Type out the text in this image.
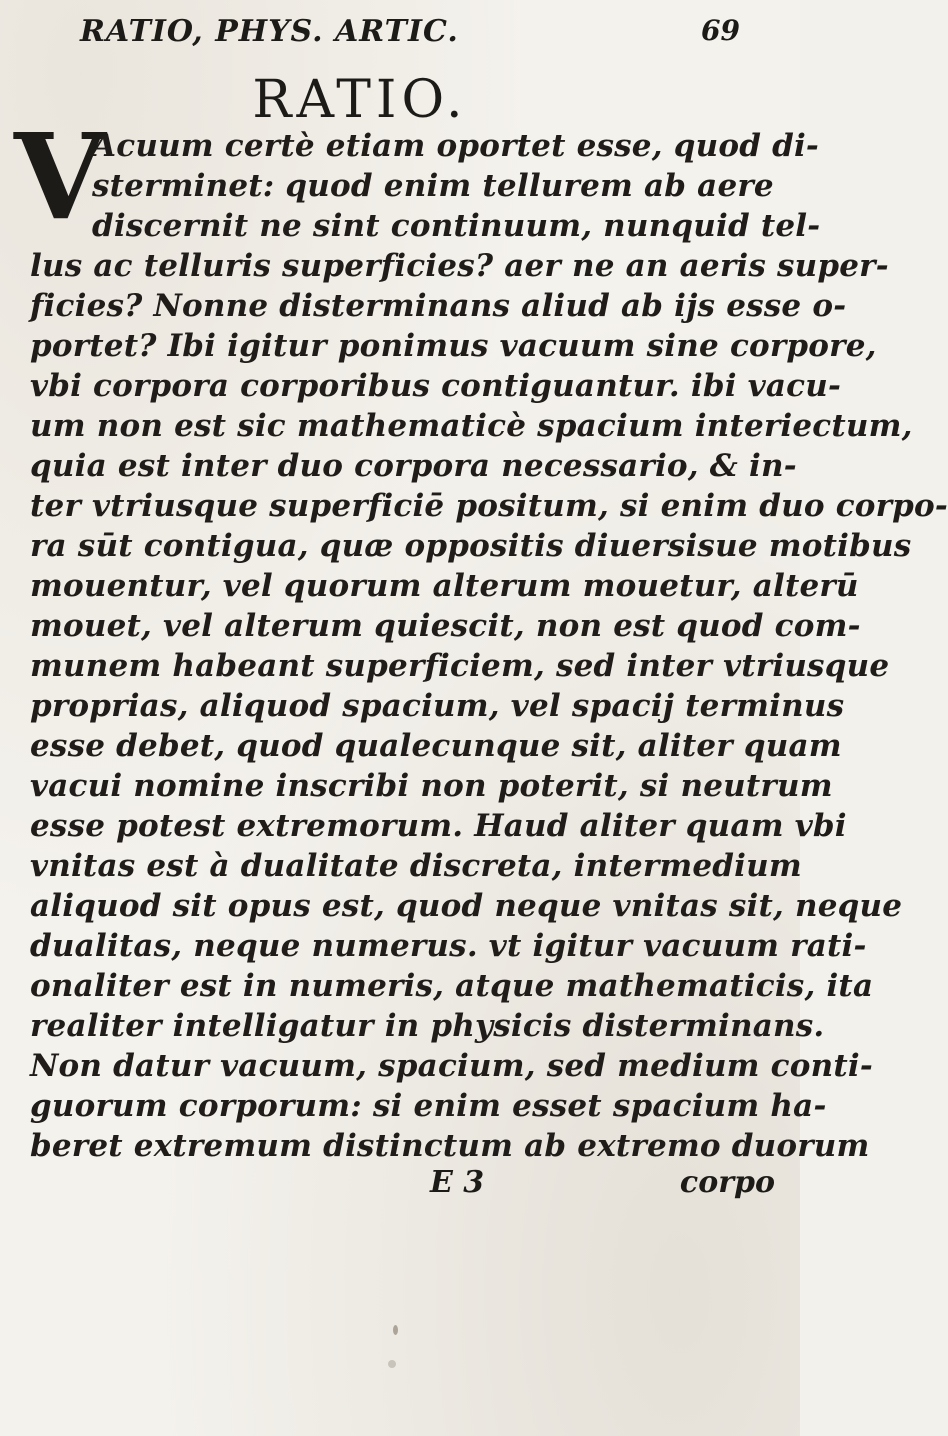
RATIO, PHYS. ARTIC.	69
RATIO.
V
Acuum certè etiam oportet esse, quod di-
sterminet: quod enim tellurem ab aere
discernit ne sint continuum, nunquid tel-
lus ac telluris superficies? aer ne an aeris super-
ficies? Nonne disterminans aliud ab ijs esse o-
portet? Ibi igitur ponimus vacuum sine corpore,
vbi corpora corporibus contiguantur. ibi vacu-
um non est sic mathematicè spacium interiectum,
quia est inter duo corpora necessario, & in-
ter vtriusque superficiē positum, si enim duo corpo-
ra sūt contigua, quæ oppositis diuersisue motibus
mouentur, vel quorum alterum mouetur, alterū
mouet, vel alterum quiescit, non est quod com-
munem habeant superficiem, sed inter vtriusque
proprias, aliquod spacium, vel spacij terminus
esse debet, quod qualecunque sit, aliter quam
vacui nomine inscribi non poterit, si neutrum
esse potest extremorum. Haud aliter quam vbi
vnitas est à dualitate discreta, intermedium
aliquod sit opus est, quod neque vnitas sit, neque
dualitas, neque numerus. vt igitur vacuum rati-
onaliter est in numeris, atque mathematicis, ita
realiter intelligatur in physicis disterminans.
Non datur vacuum, spacium, sed medium conti-
guorum corporum: si enim esset spacium ha-
beret extremum distinctum ab extremo duorum
E 3	corpo
